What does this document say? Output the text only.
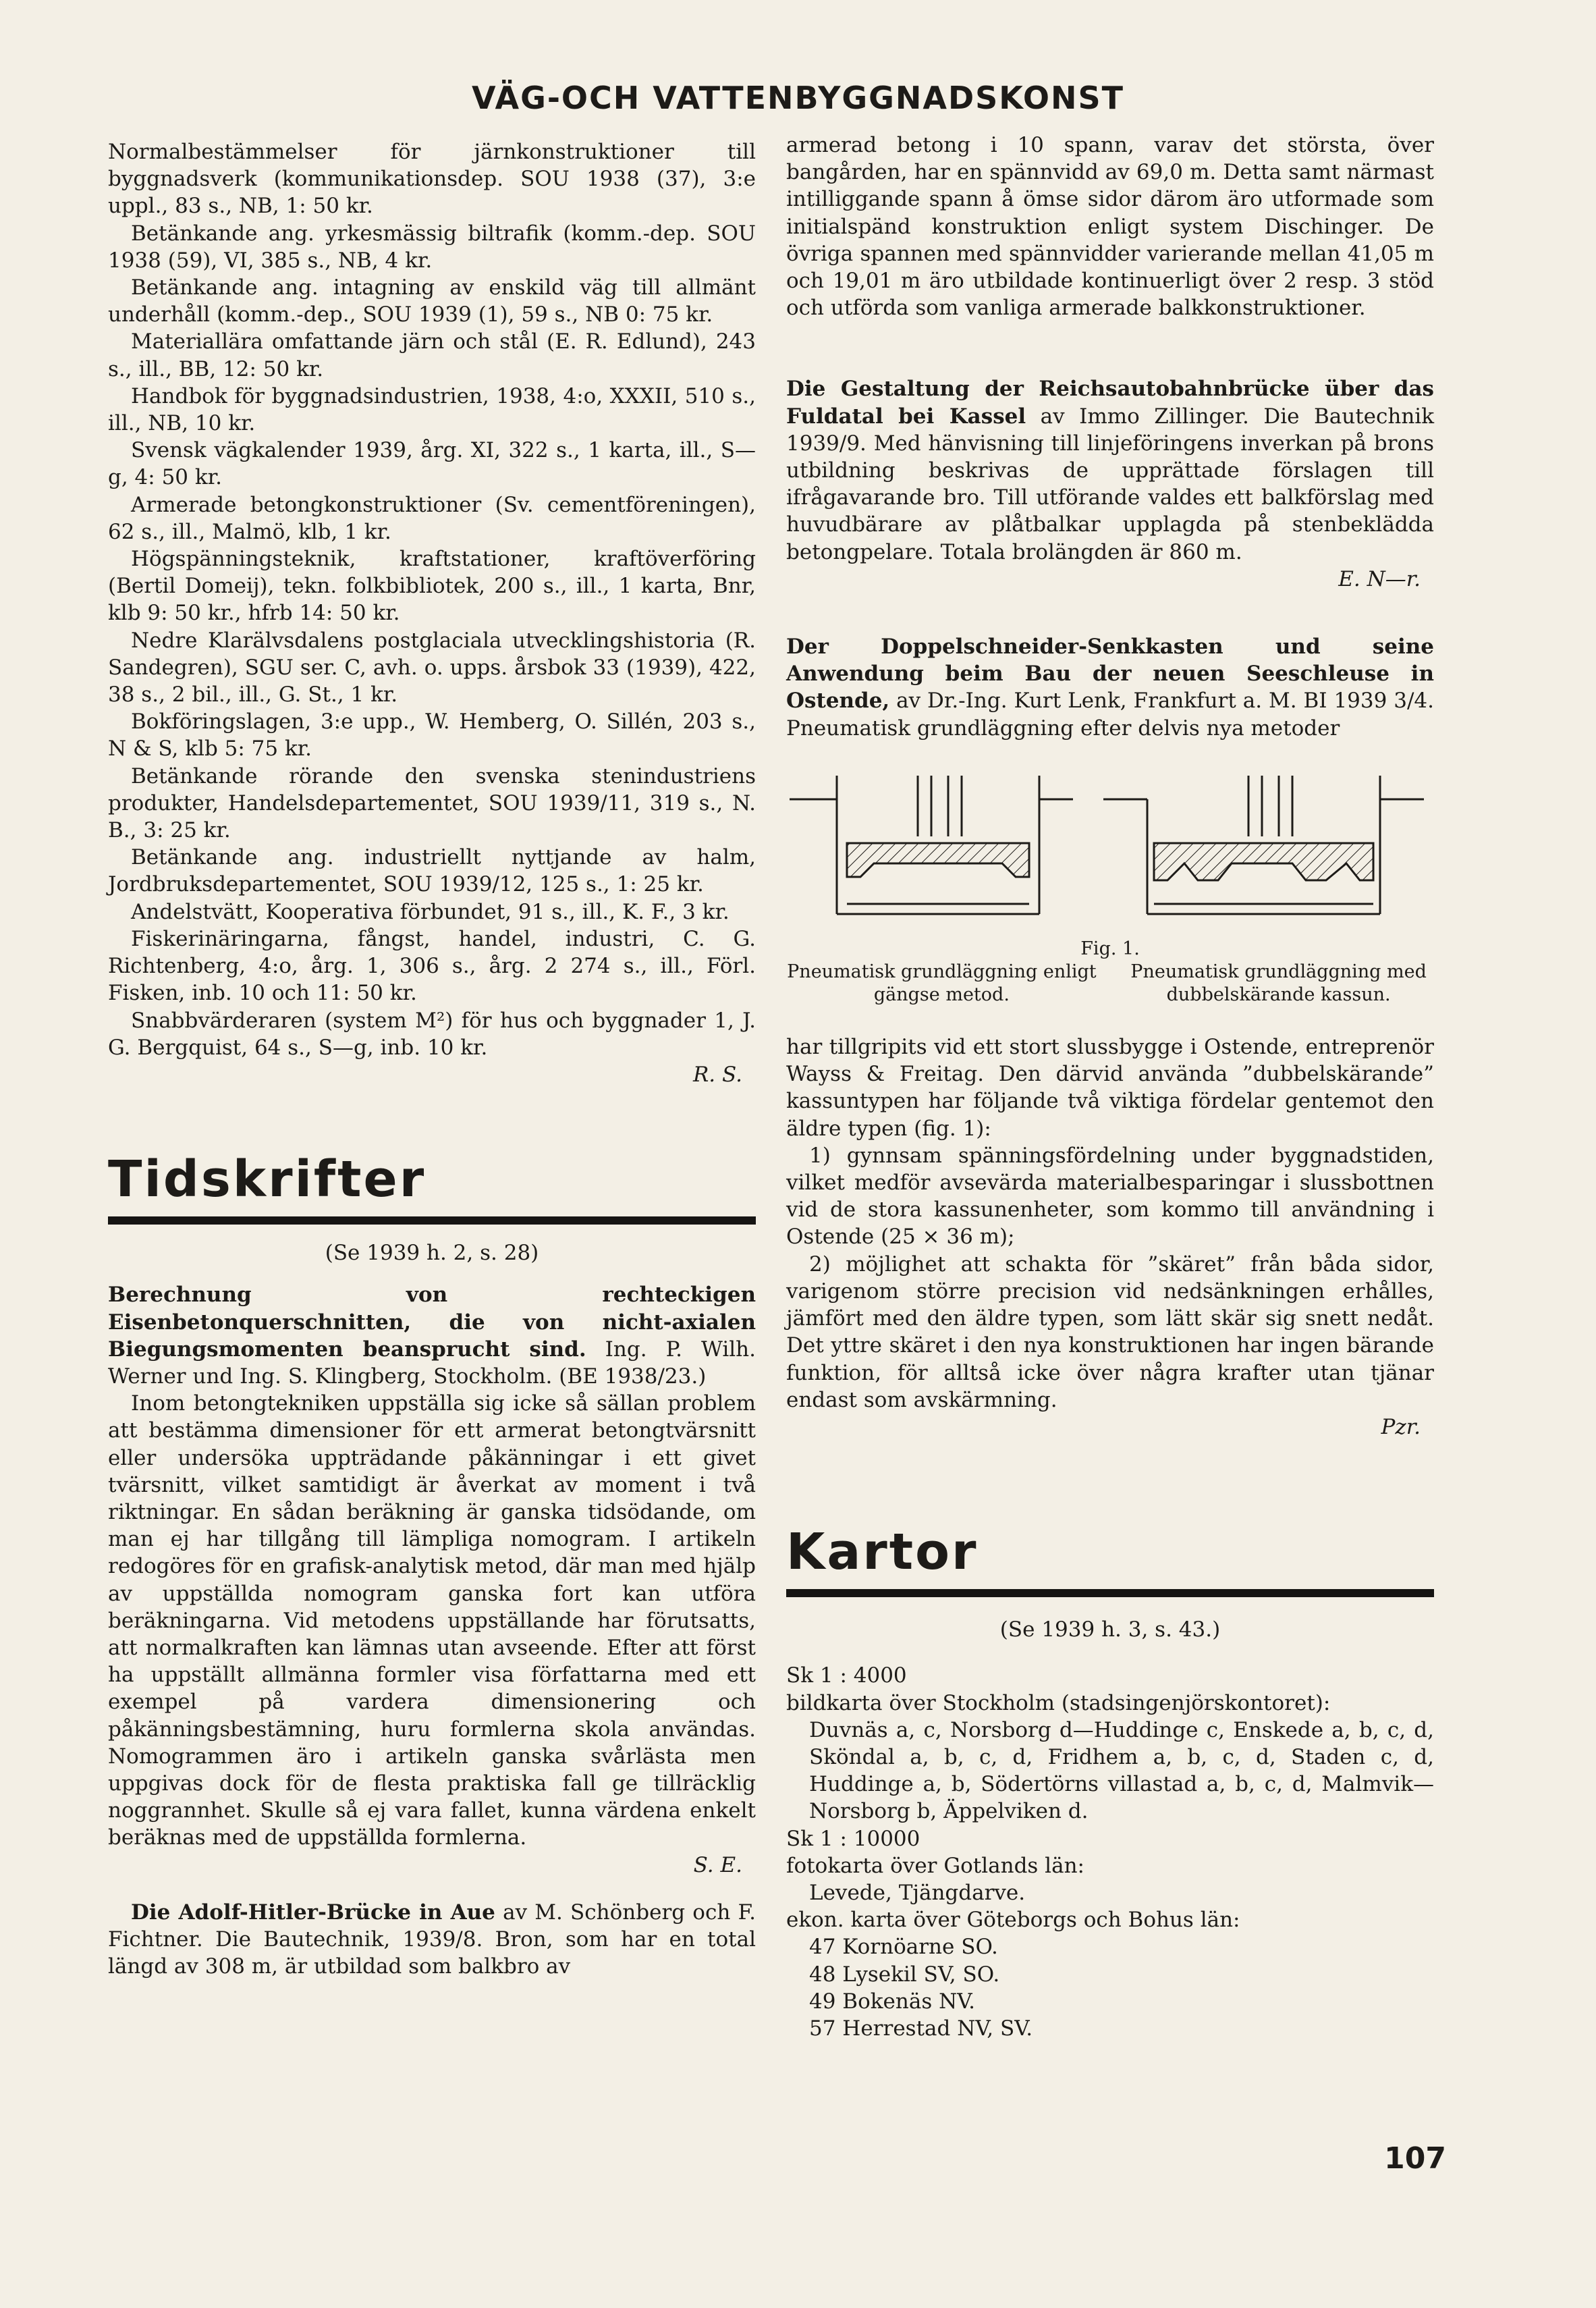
VÄG-OCH VATTENBYGGNADSKONST

Normalbestämmelser för järnkonstruktioner till byggnadsverk (kommunikationsdep. SOU 1938 (37), 3:e uppl., 83 s., NB, 1: 50 kr.

Betänkande ang. yrkesmässig biltrafik (komm.-dep. SOU 1938 (59), VI, 385 s., NB, 4 kr.

Betänkande ang. intagning av enskild väg till allmänt underhåll (komm.-dep., SOU 1939 (1), 59 s., NB 0: 75 kr.

Materiallära omfattande järn och stål (E. R. Edlund), 243 s., ill., BB, 12: 50 kr.

Handbok för byggnadsindustrien, 1938, 4:o, XXXII, 510 s., ill., NB, 10 kr.

Svensk vägkalender 1939, årg. XI, 322 s., 1 karta, ill., S—g, 4: 50 kr.

Armerade betongkonstruktioner (Sv. cementföreningen), 62 s., ill., Malmö, klb, 1 kr.

Högspänningsteknik, kraftstationer, kraftöverföring (Bertil Domeij), tekn. folkbibliotek, 200 s., ill., 1 karta, Bnr, klb 9: 50 kr., hfrb 14: 50 kr.

Nedre Klarälvsdalens postglaciala utvecklingshistoria (R. Sandegren), SGU ser. C, avh. o. upps. årsbok 33 (1939), 422, 38 s., 2 bil., ill., G. St., 1 kr.

Bokföringslagen, 3:e upp., W. Hemberg, O. Sillén, 203 s., N & S, klb 5: 75 kr.

Betänkande rörande den svenska stenindustriens produkter, Handelsdepartementet, SOU 1939/11, 319 s., N. B., 3: 25 kr.

Betänkande ang. industriellt nyttjande av halm, Jordbruksdepartementet, SOU 1939/12, 125 s., 1: 25 kr.

Andelstvätt, Kooperativa förbundet, 91 s., ill., K. F., 3 kr.

Fiskerinäringarna, fångst, handel, industri, C. G. Richtenberg, 4:o, årg. 1, 306 s., årg. 2 274 s., ill., Förl. Fisken, inb. 10 och 11: 50 kr.

Snabbvärderaren (system M²) för hus och byggnader 1, J. G. Bergquist, 64 s., S—g, inb. 10 kr.

R. S.

Tidskrifter

(Se 1939 h. 2, s. 28)

Berechnung von rechteckigen Eisenbetonquerschnitten, die von nicht-axialen Biegungsmomenten beansprucht sind. Ing. P. Wilh. Werner und Ing. S. Klingberg, Stockholm. (BE 1938/23.)

Inom betongtekniken uppställa sig icke så sällan problem att bestämma dimensioner för ett armerat betongtvärsnitt eller undersöka uppträdande påkänningar i ett givet tvärsnitt, vilket samtidigt är åverkat av moment i två riktningar. En sådan beräkning är ganska tidsödande, om man ej har tillgång till lämpliga nomogram. I artikeln redogöres för en grafisk-analytisk metod, där man med hjälp av uppställda nomogram ganska fort kan utföra beräkningarna. Vid metodens uppställande har förutsatts, att normalkraften kan lämnas utan avseende. Efter att först ha uppställt allmänna formler visa författarna med ett exempel på vardera dimensionering och påkänningsbestämning, huru formlerna skola användas. Nomogrammen äro i artikeln ganska svårlästa men uppgivas dock för de flesta praktiska fall ge tillräcklig noggrannhet. Skulle så ej vara fallet, kunna värdena enkelt beräknas med de uppställda formlerna.

S. E.

Die Adolf-Hitler-Brücke in Aue av M. Schönberg och F. Fichtner. Die Bautechnik, 1939/8. Bron, som har en total längd av 308 m, är utbildad som balkbro av

armerad betong i 10 spann, varav det största, över bangården, har en spännvidd av 69,0 m. Detta samt närmast intilliggande spann å ömse sidor därom äro utformade som initialspänd konstruktion enligt system Dischinger. De övriga spannen med spännvidder varierande mellan 41,05 m och 19,01 m äro utbildade kontinuerligt över 2 resp. 3 stöd och utförda som vanliga armerade balkkonstruktioner.

Die Gestaltung der Reichsautobahnbrücke über das Fuldatal bei Kassel av Immo Zillinger. Die Bautechnik 1939/9. Med hänvisning till linjeföringens inverkan på brons utbildning beskrivas de upprättade förslagen till ifrågavarande bro. Till utförande valdes ett balkförslag med huvudbärare av plåtbalkar upplagda på stenbeklädda betongpelare. Totala brolängden är 860 m.

E. N—r.

Der Doppelschneider-Senkkasten und seine Anwendung beim Bau der neuen Seeschleuse in Ostende, av Dr.-Ing. Kurt Lenk, Frankfurt a. M. BI 1939 3/4. Pneumatisk grundläggning efter delvis nya metoder

Fig. 1.

Pneumatisk grundläggning enligt gängse metod.
Pneumatisk grundläggning med dubbelskärande kassun.

har tillgripits vid ett stort slussbygge i Ostende, entreprenör Wayss & Freitag. Den därvid använda ”dubbelskärande” kassuntypen har följande två viktiga fördelar gentemot den äldre typen (fig. 1):

1) gynnsam spänningsfördelning under byggnadstiden, vilket medför avsevärda materialbesparingar i slussbottnen vid de stora kassunenheter, som kommo till användning i Ostende (25 × 36 m);

2) möjlighet att schakta för ”skäret” från båda sidor, varigenom större precision vid nedsänkningen erhålles, jämfört med den äldre typen, som lätt skär sig snett nedåt. Det yttre skäret i den nya konstruktionen har ingen bärande funktion, för alltså icke över några krafter utan tjänar endast som avskärmning.

Pzr.

Kartor

(Se 1939 h. 3, s. 43.)

Sk 1 : 4000

bildkarta över Stockholm (stadsingenjörskontoret):

Duvnäs a, c, Norsborg d—Huddinge c, Enskede a, b, c, d, Sköndal a, b, c, d, Fridhem a, b, c, d, Staden c, d, Huddinge a, b, Södertörns villastad a, b, c, d, Malmvik—Norsborg b, Äppelviken d.

Sk 1 : 10000

fotokarta över Gotlands län:

Levede, Tjängdarve.

ekon. karta över Göteborgs och Bohus län:

47 Kornöarne SO.

48 Lysekil SV, SO.

49 Bokenäs NV.

57 Herrestad NV, SV.

107
